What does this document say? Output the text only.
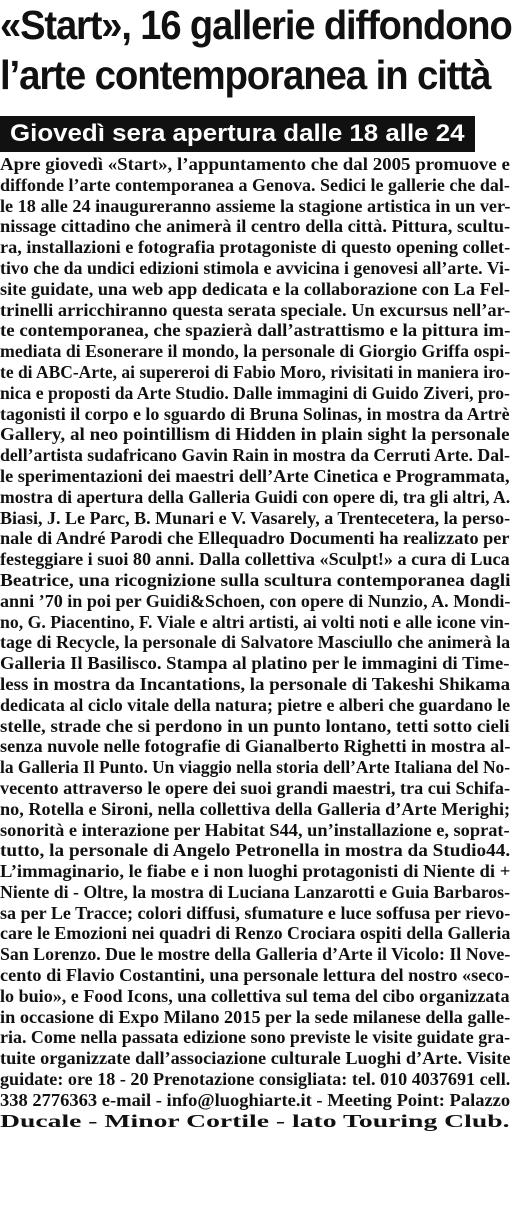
«Start», 16 gallerie diffondono
l’arte contemporanea in città
Giovedì sera apertura dalle 18 alle 24
Apre giovedì «Start», l’appuntamento che dal 2005 promuove e
diffonde l’arte contemporanea a Genova. Sedici le gallerie che dal-
le 18 alle 24 inaugureranno assieme la stagione artistica in un ver-
nissage cittadino che animerà il centro della città. Pittura, scultu-
ra, installazioni e fotografia protagoniste di questo opening collet-
tivo che da undici edizioni stimola e avvicina i genovesi all’arte. Vi-
site guidate, una web app dedicata e la collaborazione con La Fel-
trinelli arricchiranno questa serata speciale. Un excursus nell’ar-
te contemporanea, che spazierà dall’astrattismo e la pittura im-
mediata di Esonerare il mondo, la personale di Giorgio Griffa ospi-
te di ABC-Arte, ai supereroi di Fabio Moro, rivisitati in maniera iro-
nica e proposti da Arte Studio. Dalle immagini di Guido Ziveri, pro-
tagonisti il corpo e lo sguardo di Bruna Solinas, in mostra da Artrè
Gallery, al neo pointillism di Hidden in plain sight la personale
dell’artista sudafricano Gavin Rain in mostra da Cerruti Arte. Dal-
le sperimentazioni dei maestri dell’Arte Cinetica e Programmata,
mostra di apertura della Galleria Guidi con opere di, tra gli altri, A.
Biasi, J. Le Parc, B. Munari e V. Vasarely, a Trentecetera, la perso-
nale di André Parodi che Ellequadro Documenti ha realizzato per
festeggiare i suoi 80 anni. Dalla collettiva «Sculpt!» a cura di Luca
Beatrice, una ricognizione sulla scultura contemporanea dagli
anni ’70 in poi per Guidi&Schoen, con opere di Nunzio, A. Mondi-
no, G. Piacentino, F. Viale e altri artisti, ai volti noti e alle icone vin-
tage di Recycle, la personale di Salvatore Masciullo che animerà la
Galleria Il Basilisco. Stampa al platino per le immagini di Time-
less in mostra da Incantations, la personale di Takeshi Shikama
dedicata al ciclo vitale della natura; pietre e alberi che guardano le
stelle, strade che si perdono in un punto lontano, tetti sotto cieli
senza nuvole nelle fotografie di Gianalberto Righetti in mostra al-
la Galleria Il Punto. Un viaggio nella storia dell’Arte Italiana del No-
vecento attraverso le opere dei suoi grandi maestri, tra cui Schifa-
no, Rotella e Sironi, nella collettiva della Galleria d’Arte Merighi;
sonorità e interazione per Habitat S44, un’installazione e, soprat-
tutto, la personale di Angelo Petronella in mostra da Studio44.
L’immaginario, le fiabe e i non luoghi protagonisti di Niente di +
Niente di - Oltre, la mostra di Luciana Lanzarotti e Guia Barbaros-
sa per Le Tracce; colori diffusi, sfumature e luce soffusa per rievo-
care le Emozioni nei quadri di Renzo Crociara ospiti della Galleria
San Lorenzo. Due le mostre della Galleria d’Arte il Vicolo: Il Nove-
cento di Flavio Costantini, una personale lettura del nostro «seco-
lo buio», e Food Icons, una collettiva sul tema del cibo organizzata
in occasione di Expo Milano 2015 per la sede milanese della galle-
ria. Come nella passata edizione sono previste le visite guidate gra-
tuite organizzate dall’associazione culturale Luoghi d’Arte. Visite
guidate: ore 18 - 20 Prenotazione consigliata: tel. 010 4037691 cell.
338 2776363 e-mail - info@luoghiarte.it - Meeting Point: Palazzo
Ducale - Minor Cortile - lato Touring Club.
